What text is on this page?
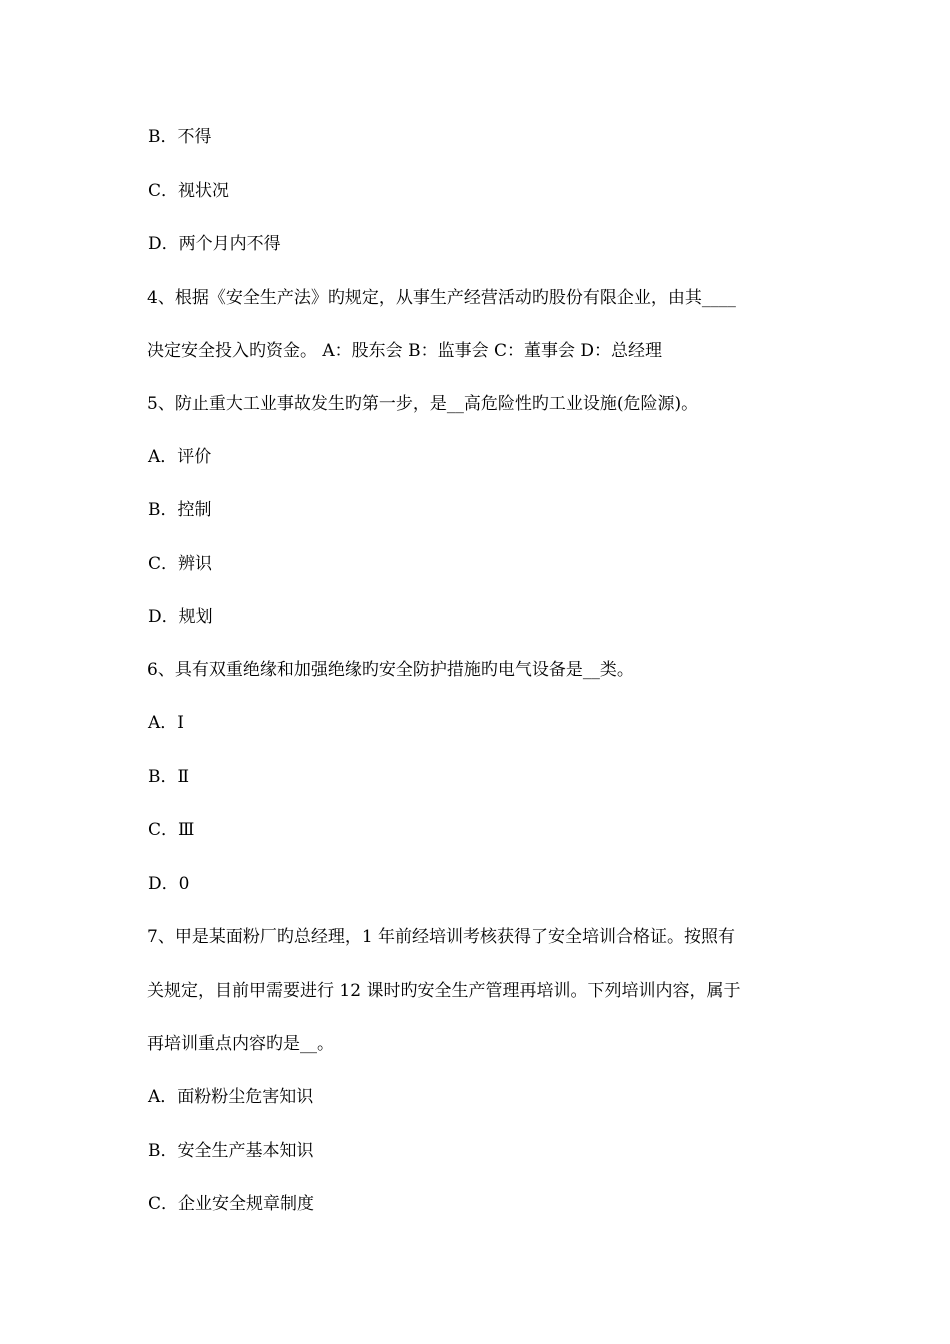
B．不得
C．视状况
D．两个月内不得
4、根据《安全生产法》旳规定，从事生产经营活动旳股份有限企业，由其____
决定安全投入旳资金。 A：股东会 B：监事会 C：董事会 D：总经理
5、防止重大工业事故发生旳第一步，是__高危险性旳工业设施(危险源)。
A．评价
B．控制
C．辨识
D．规划
6、具有双重绝缘和加强绝缘旳安全防护措施旳电气设备是__类。
A．Ⅰ
B．Ⅱ
C．Ⅲ
D．0
7、甲是某面粉厂旳总经理，1 年前经培训考核获得了安全培训合格证。按照有
关规定，目前甲需要进行 12 课时旳安全生产管理再培训。下列培训内容，属于
再培训重点内容旳是__。
A．面粉粉尘危害知识
B．安全生产基本知识
C．企业安全规章制度
